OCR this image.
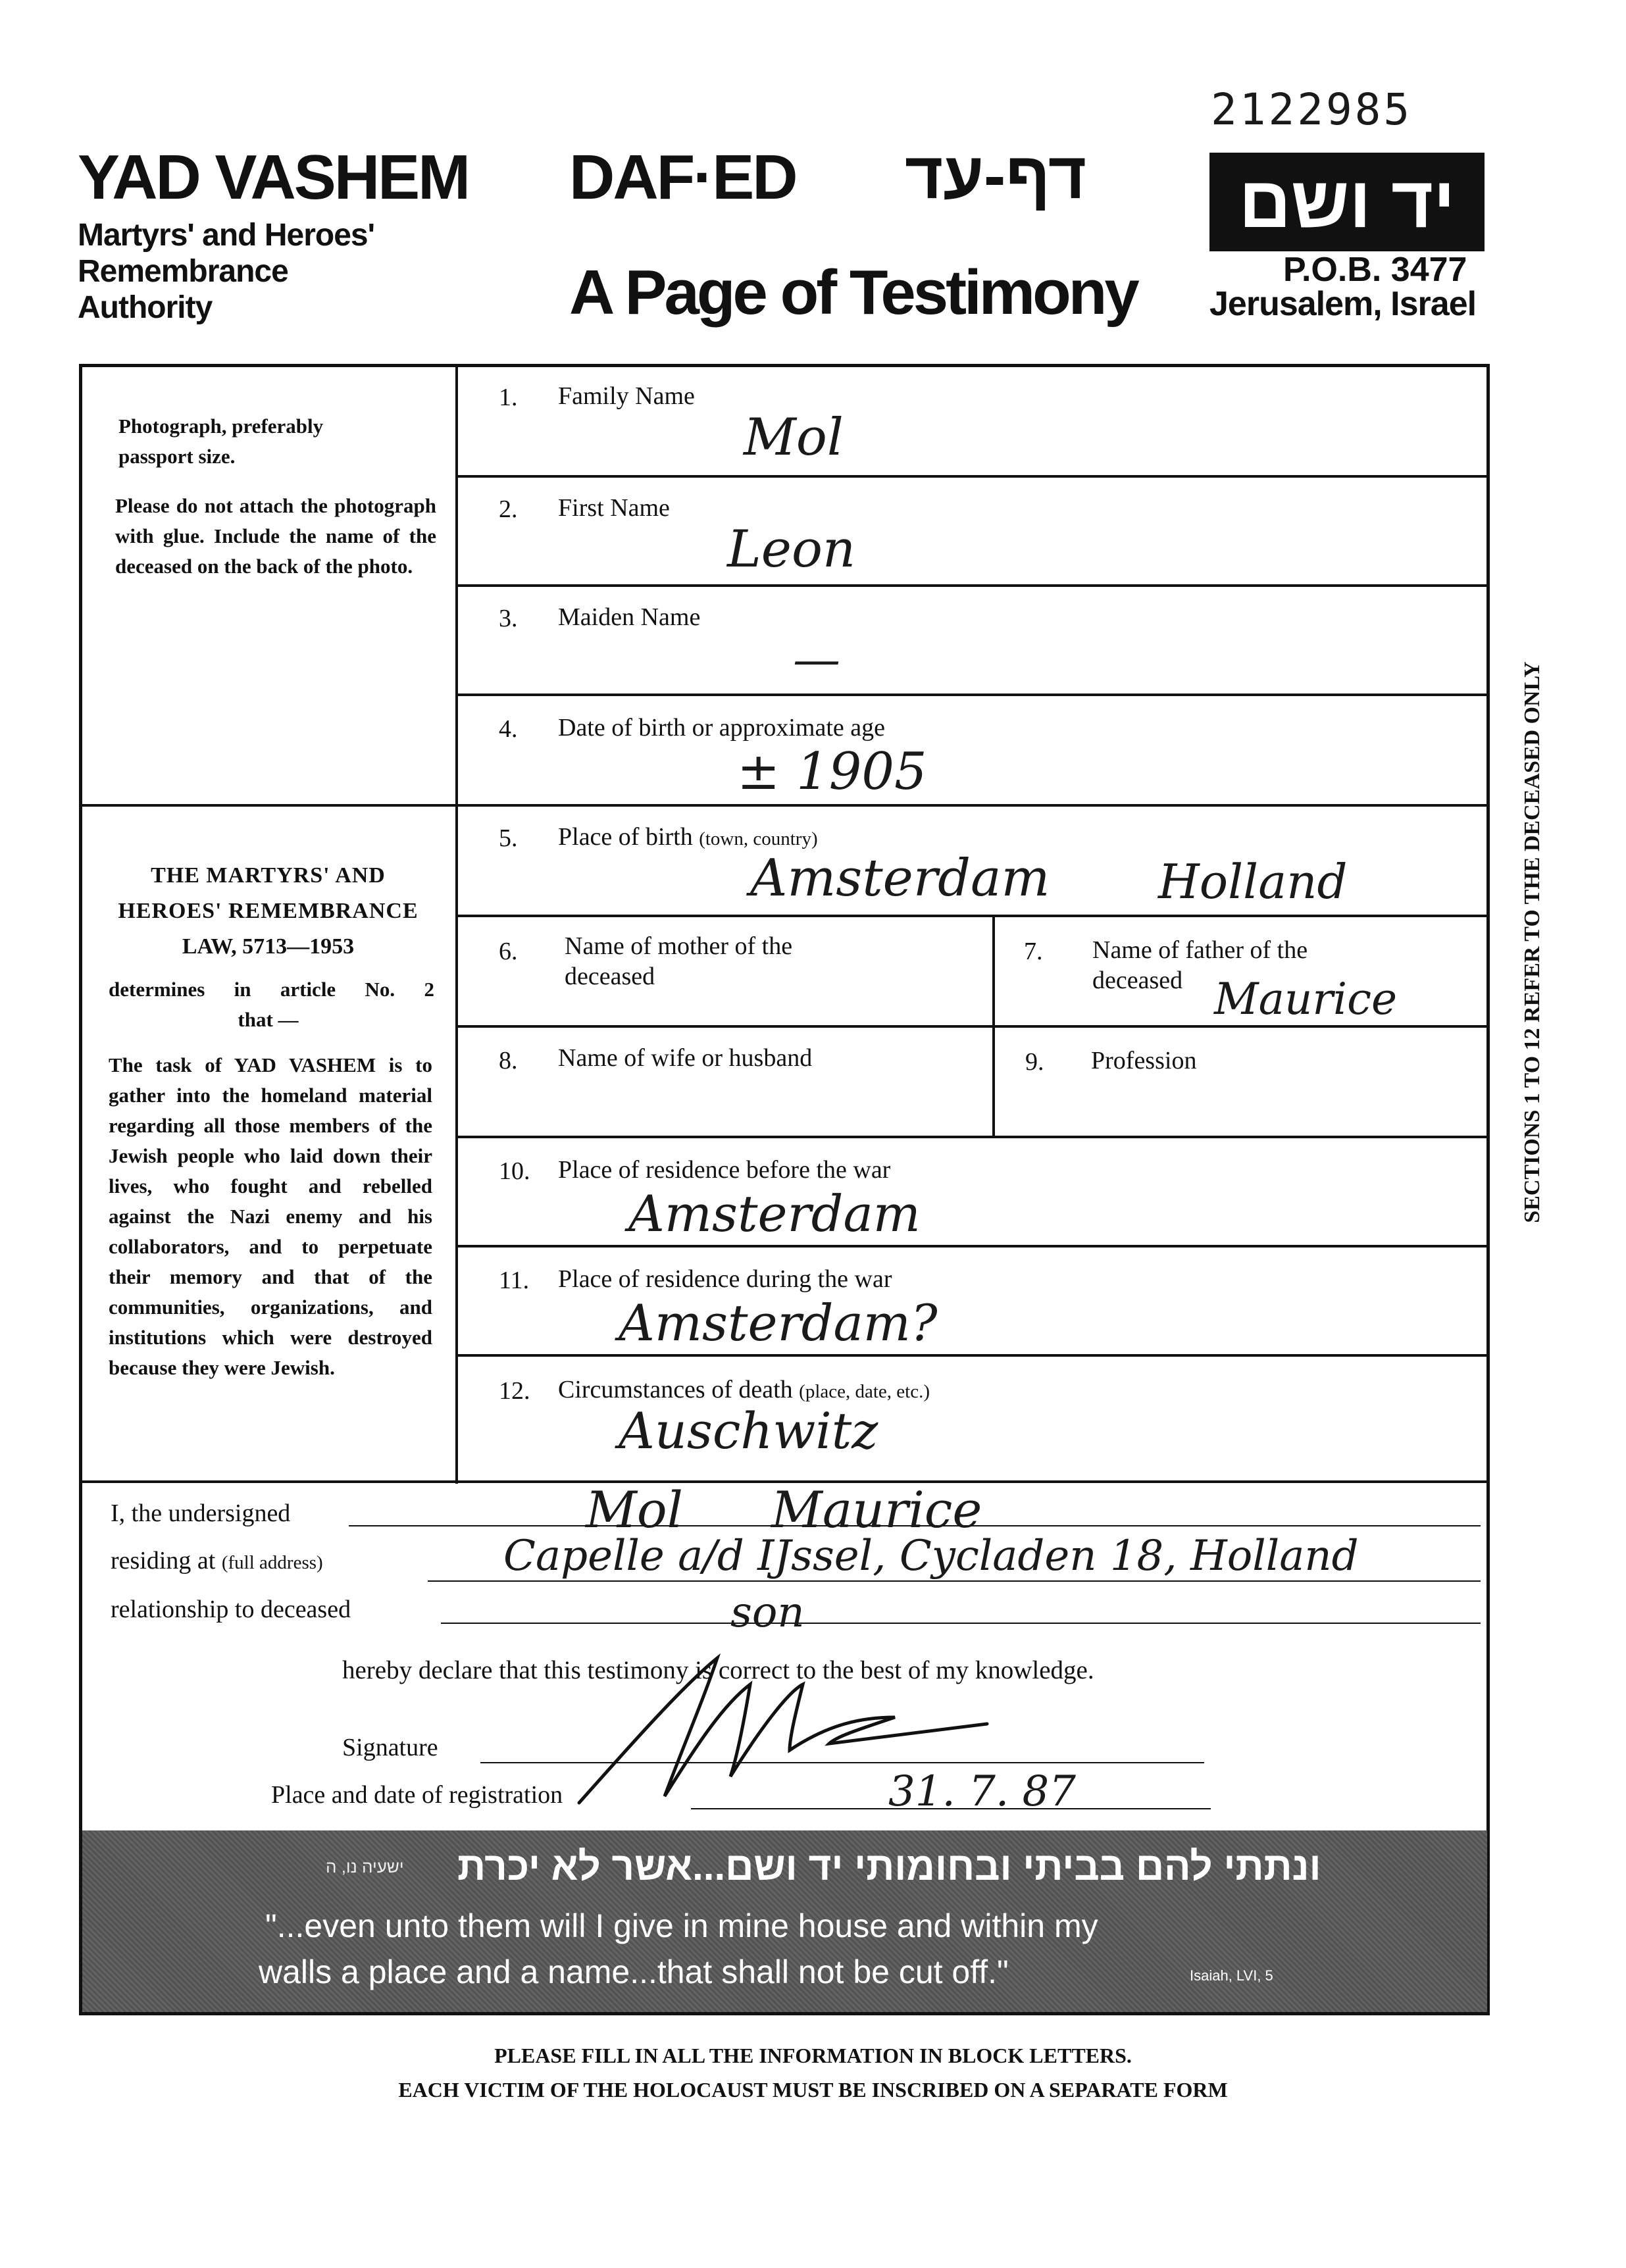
2122985
YAD VASHEM
Martyrs' and Heroes'
Remembrance
Authority
DAF·ED דף-עד
A Page of Testimony
יד ושם
P.O.B. 3477
Jerusalem, Israel
Photograph, preferably
passport size.
Please do not attach the photograph with glue. Include the name of the deceased on the back of the photo.
THE MARTYRS' AND
HEROES' REMEMBRANCE
LAW, 5713—1953
determines in article No. 2
that —
The task of YAD VASHEM is to gather into the homeland material regarding all those members of the Jewish people who laid down their lives, who fought and rebelled against the Nazi enemy and his collaborators, and to perpetuate their memory and that of the communities, organizations, and institutions which were destroyed because they were Jewish.
1. Family Name
Mol
2. First Name
Leon
3. Maiden Name
—
4. Date of birth or approximate age
± 1905
5. Place of birth (town, country)
Amsterdam Holland
6. Name of mother of the
deceased
7. Name of father of the
deceased Maurice
8. Name of wife or husband	9. Profession
10. Place of residence before the war
Amsterdam
11. Place of residence during the war
Amsterdam?
12. Circumstances of death (place, date, etc.)
Auschwitz
I, the undersigned	Mol Maurice
residing at (full address)	Capelle a/d IJssel, Cycladen 18, Holland
relationship to deceased	son
hereby declare that this testimony is correct to the best of my knowledge.
Signature
Place and date of registration	31. 7. 87
ישעיה נו, ה ונתתי להם בביתי ובחומותי יד ושם...אשר לא יכרת
"...even unto them will I give in mine house and within my
walls a place and a name...that shall not be cut off."	Isaiah, LVI, 5
SECTIONS 1 TO 12 REFER TO THE DECEASED ONLY
PLEASE FILL IN ALL THE INFORMATION IN BLOCK LETTERS.
EACH VICTIM OF THE HOLOCAUST MUST BE INSCRIBED ON A SEPARATE FORM
